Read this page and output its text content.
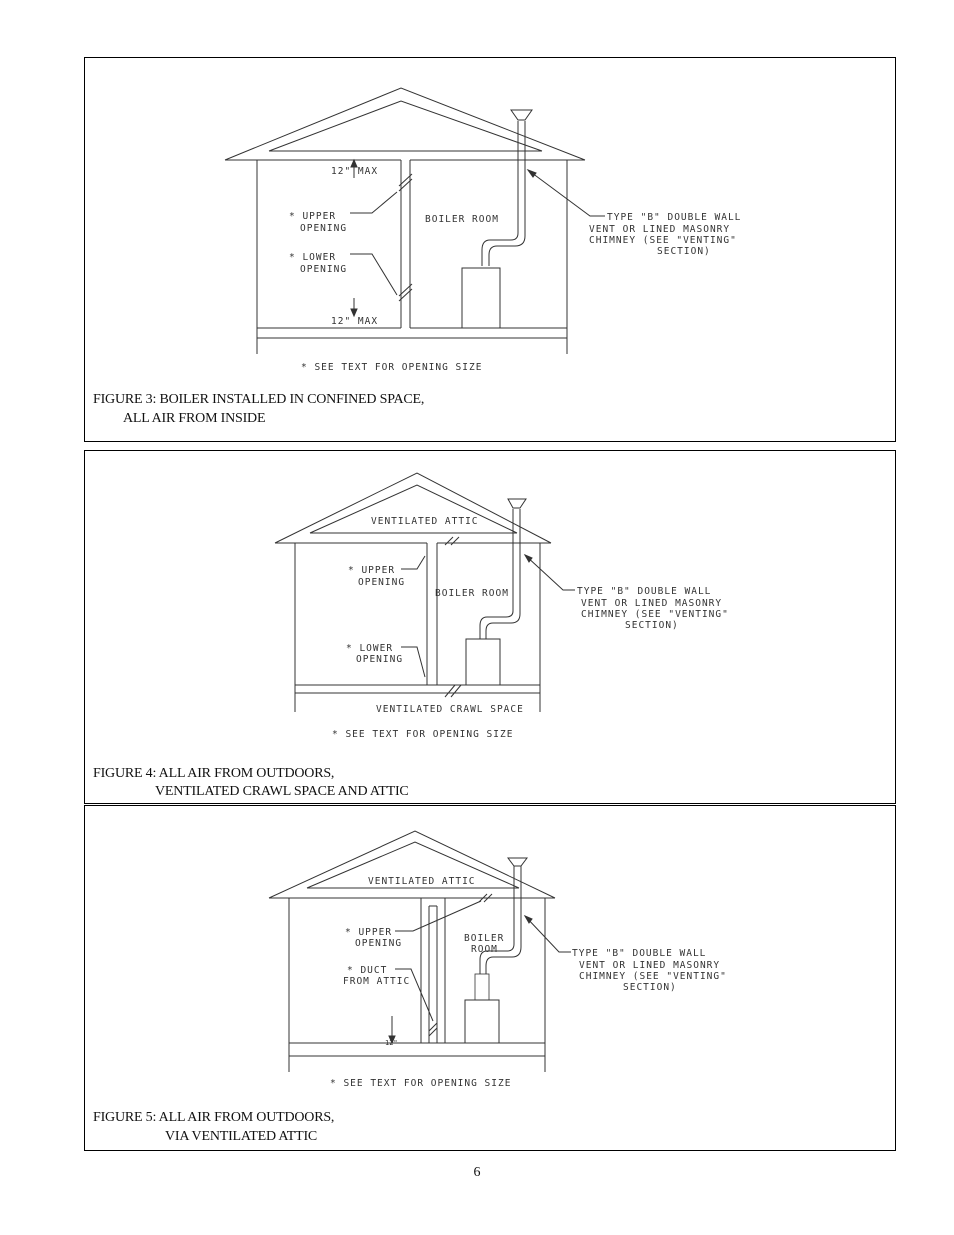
12" MAX
12" MAX
* UPPER
OPENING
* LOWER
OPENING
BOILER ROOM	TYPE "B" DOUBLE WALL
VENT OR LINED MASONRY
CHIMNEY (SEE "VENTING"
SECTION)
* SEE TEXT FOR OPENING SIZE
FIGURE 3: BOILER INSTALLED IN CONFINED SPACE,
ALL AIR FROM INSIDE
VENTILATED ATTIC
* UPPER
OPENING
BOILER ROOM
* LOWER
OPENING
VENTILATED CRAWL SPACE
TYPE "B" DOUBLE WALL
VENT OR LINED MASONRY
CHIMNEY (SEE "VENTING"
SECTION)
* SEE TEXT FOR OPENING SIZE
FIGURE 4: ALL AIR FROM OUTDOORS,
VENTILATED CRAWL SPACE AND ATTIC
VENTILATED ATTIC
* UPPER
OPENING	BOILER
ROOM
* DUCT
FROM ATTIC
12"
TYPE "B" DOUBLE WALL
VENT OR LINED MASONRY
CHIMNEY (SEE "VENTING"
SECTION)
* SEE TEXT FOR OPENING SIZE
FIGURE 5: ALL AIR FROM OUTDOORS,
VIA VENTILATED ATTIC
6
